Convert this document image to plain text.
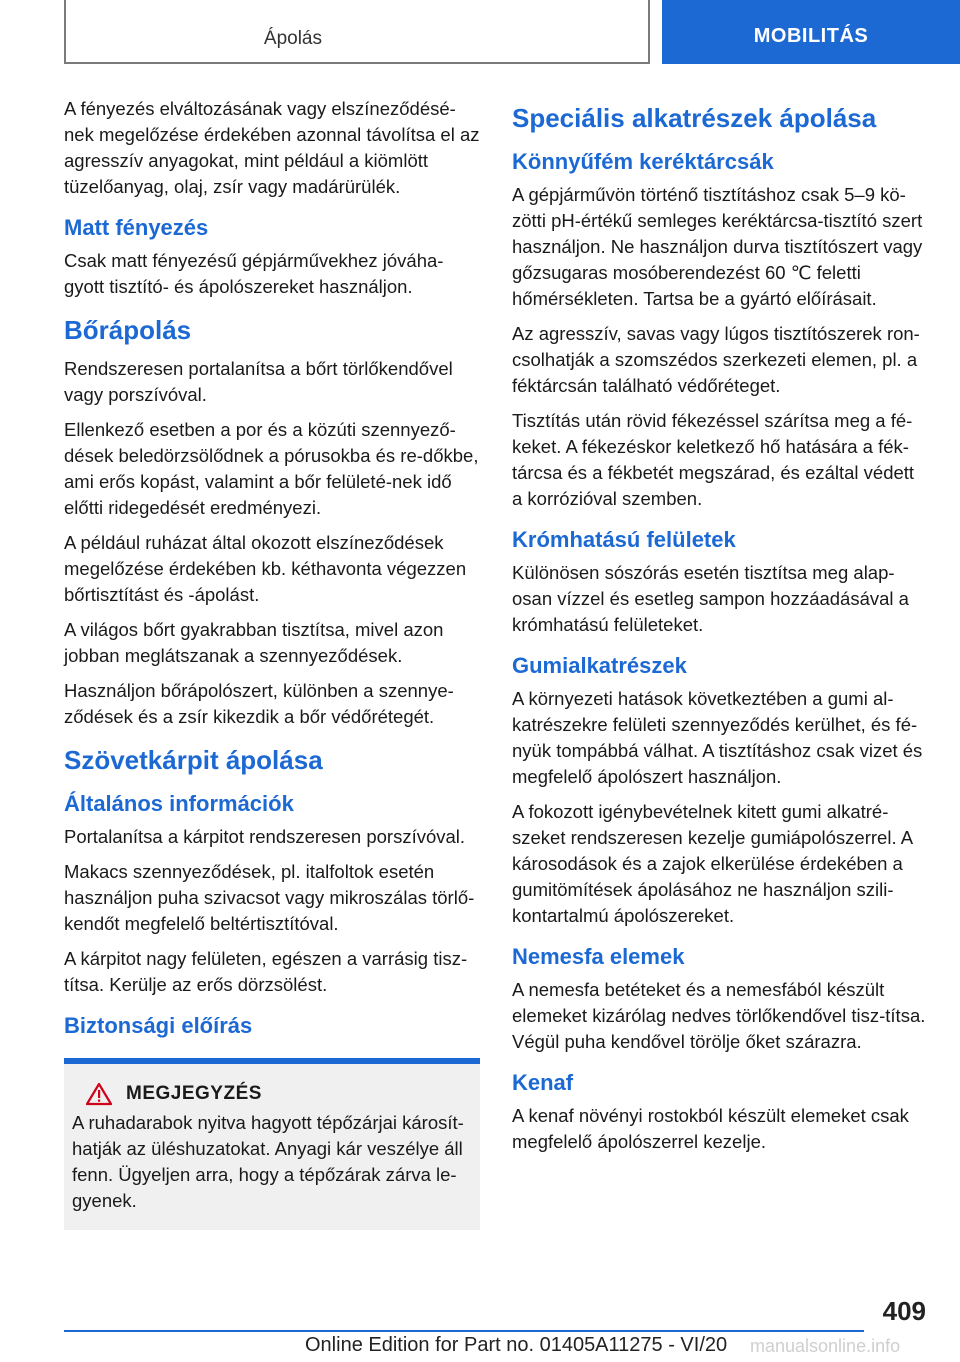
Ápolás	MOBILITÁS

A fényezés elváltozásának vagy elszíneződésé-nek megelőzése érdekében azonnal távolítsa el az agresszív anyagokat, mint például a kiömlött tüzelőanyag, olaj, zsír vagy madárürülék.

Matt fényezés

Csak matt fényezésű gépjárművekhez jóváha-gyott tisztító- és ápolószereket használjon.

Bőrápolás

Rendszeresen portalanítsa a bőrt törlőkendővel vagy porszívóval.

Ellenkező esetben a por és a közúti szennyező-dések beledörzsölődnek a pórusokba és re-dőkbe, ami erős kopást, valamint a bőr felületé-nek idő előtti ridegedését eredményezi.

A például ruházat által okozott elszíneződések megelőzése érdekében kb. kéthavonta végezzen bőrtisztítást és -ápolást.

A világos bőrt gyakrabban tisztítsa, mivel azon jobban meglátszanak a szennyeződések.

Használjon bőrápolószert, különben a szennye-ződések és a zsír kikezdik a bőr védőrétegét.

Szövetkárpit ápolása
Általános információk

Portalanítsa a kárpitot rendszeresen porszívóval.

Makacs szennyeződések, pl. italfoltok esetén használjon puha szivacsot vagy mikroszálas törlő-kendőt megfelelő beltértisztítóval.

A kárpitot nagy felületen, egészen a varrásig tisz-títsa. Kerülje az erős dörzsölést.

Biztonsági előírás
MEGJEGYZÉS

A ruhadarabok nyitva hagyott tépőzárjai károsít-hatják az üléshuzatokat. Anyagi kár veszélye áll fenn. Ügyeljen arra, hogy a tépőzárak zárva le-gyenek.

Speciális alkatrészek ápolása
Könnyűfém keréktárcsák

A gépjárművön történő tisztításhoz csak 5–9 kö-zötti pH-értékű semleges keréktárcsa-tisztító szert használjon. Ne használjon durva tisztítószert vagy gőzsugaras mosóberendezést 60 ℃ feletti hőmérsékleten. Tartsa be a gyártó előírásait.

Az agresszív, savas vagy lúgos tisztítószerek ron-csolhatják a szomszédos szerkezeti elemen, pl. a féktárcsán található védőréteget.

Tisztítás után rövid fékezéssel szárítsa meg a fé-keket. A fékezéskor keletkező hő hatására a fék-tárcsa és a fékbetét megszárad, és ezáltal védett a korrózióval szemben.

Krómhatású felületek

Különösen sószórás esetén tisztítsa meg alap-osan vízzel és esetleg sampon hozzáadásával a krómhatású felületeket.

Gumialkatrészek

A környezeti hatások következtében a gumi al-katrészekre felületi szennyeződés kerülhet, és fé-nyük tompábbá válhat. A tisztításhoz csak vizet és megfelelő ápolószert használjon.

A fokozott igénybevételnek kitett gumi alkatré-szeket rendszeresen kezelje gumiápolószerrel. A károsodások és a zajok elkerülése érdekében a gumitömítések ápolásához ne használjon szili-kontartalmú ápolószereket.

Nemesfa elemek

A nemesfa betéteket és a nemesfából készült elemeket kizárólag nedves törlőkendővel tisz-títsa. Végül puha kendővel törölje őket szárazra.

Kenaf

A kenaf növényi rostokból készült elemeket csak megfelelő ápolószerrel kezelje.

409
manualsonline.info
Online Edition for Part no. 01405A11275 - VI/20
